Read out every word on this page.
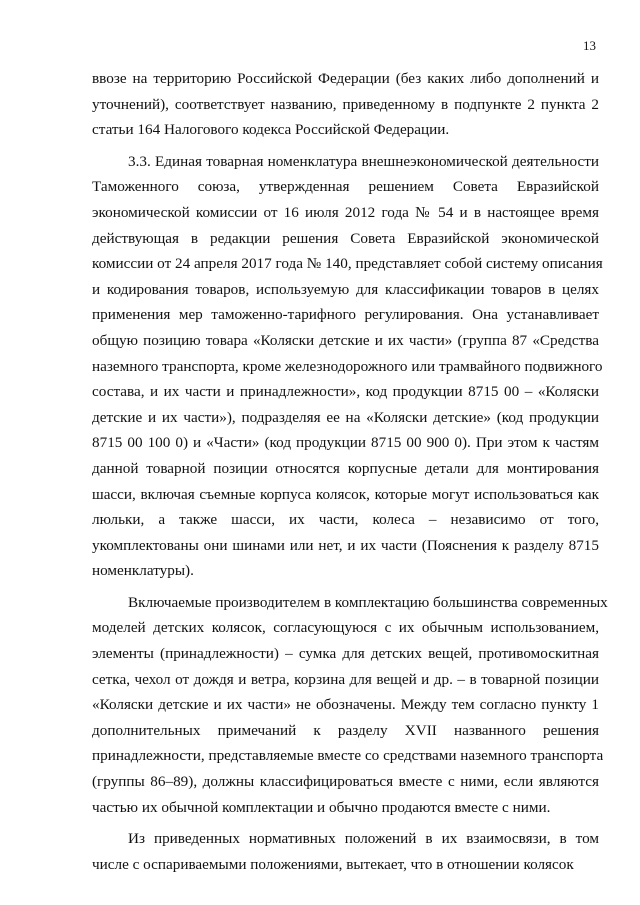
13

ввозе на территорию Российской Федерации (без каких либо дополнений и

уточнений), соответствует названию, приведенному в подпункте 2 пункта 2

статьи 164 Налогового кодекса Российской Федерации.

3.3. Единая товарная номенклатура внешнеэкономической деятельности

Таможенного союза, утвержденная решением Совета Евразийской

экономической комиссии от 16 июля 2012 года № 54 и в настоящее время

действующая в редакции решения Совета Евразийской экономической

комиссии от 24 апреля 2017 года № 140, представляет собой систему описания

и кодирования товаров, используемую для классификации товаров в целях

применения мер таможенно-тарифного регулирования. Она устанавливает

общую позицию товара «Коляски детские и их части» (группа 87 «Средства

наземного транспорта, кроме железнодорожного или трамвайного подвижного

состава, и их части и принадлежности», код продукции 8715 00 – «Коляски

детские и их части»), подразделяя ее на «Коляски детские» (код продукции

8715 00 100 0) и «Части» (код продукции 8715 00 900 0). При этом к частям

данной товарной позиции относятся корпусные детали для монтирования

шасси, включая съемные корпуса колясок, которые могут использоваться как

люльки, а также шасси, их части, колеса – независимо от того,

укомплектованы они шинами или нет, и их части (Пояснения к разделу 8715

номенклатуры).

Включаемые производителем в комплектацию большинства современных

моделей детских колясок, согласующуюся с их обычным использованием,

элементы (принадлежности) – сумка для детских вещей, противомоскитная

сетка, чехол от дождя и ветра, корзина для вещей и др. – в товарной позиции

«Коляски детские и их части» не обозначены. Между тем согласно пункту 1

дополнительных примечаний к разделу XVII названного решения

принадлежности, представляемые вместе со средствами наземного транспорта

(группы 86–89), должны классифицироваться вместе с ними, если являются

частью их обычной комплектации и обычно продаются вместе с ними.

Из приведенных нормативных положений в их взаимосвязи, в том

числе с оспариваемыми положениями, вытекает, что в отношении колясок
